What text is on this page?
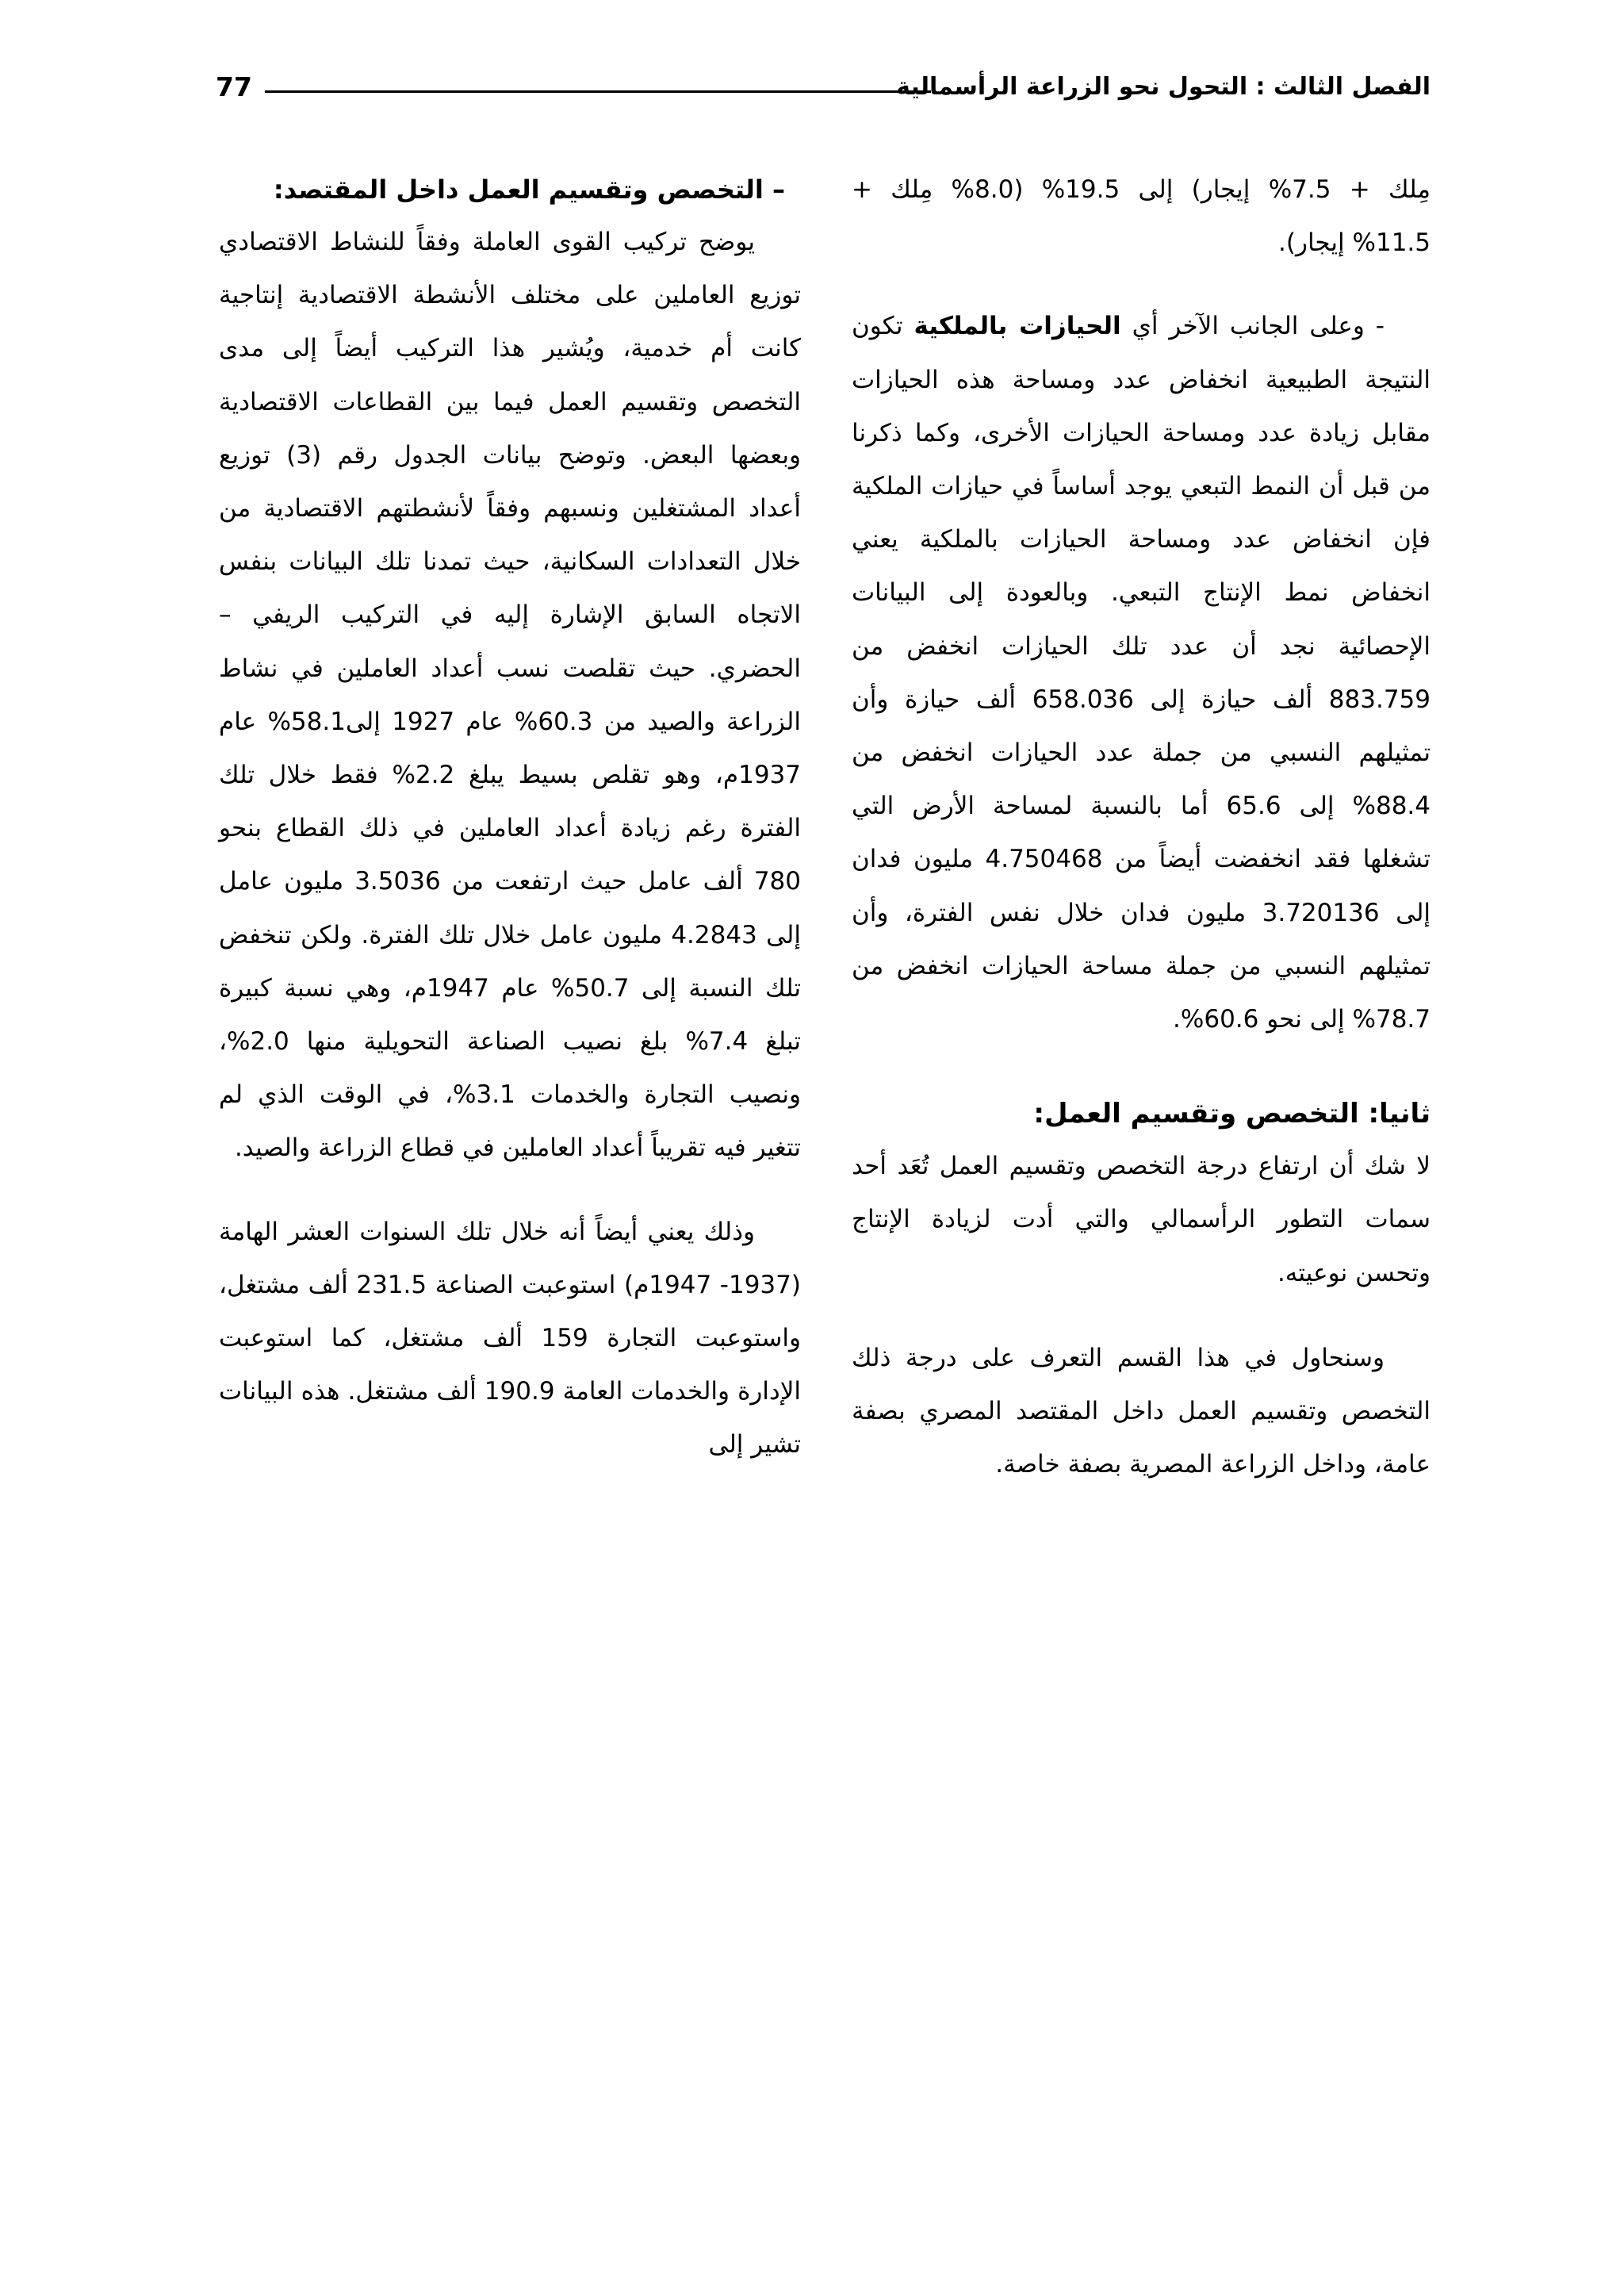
77	الفصل الثالث : التحول نحو الزراعة الرأسمالية

مِلك + 7.5% إيجار) إلى 19.5% (8.0% مِلك + 11.5% إيجار).

- وعلى الجانب الآخر أي الحيازات بالملكية تكون النتيجة الطبيعية انخفاض عدد ومساحة هذه الحيازات مقابل زيادة عدد ومساحة الحيازات الأخرى، وكما ذكرنا من قبل أن النمط التبعي يوجد أساساً في حيازات الملكية فإن انخفاض عدد ومساحة الحيازات بالملكية يعني انخفاض نمط الإنتاج التبعي. وبالعودة إلى البيانات الإحصائية نجد أن عدد تلك الحيازات انخفض من 883.759 ألف حيازة إلى 658.036 ألف حيازة وأن تمثيلهم النسبي من جملة عدد الحيازات انخفض من 88.4% إلى 65.6 أما بالنسبة لمساحة الأرض التي تشغلها فقد انخفضت أيضاً من 4.750468 مليون فدان إلى 3.720136 مليون فدان خلال نفس الفترة، وأن تمثيلهم النسبي من جملة مساحة الحيازات انخفض من 78.7% إلى نحو 60.6%.

ثانيا: التخصص وتقسيم العمل:

لا شك أن ارتفاع درجة التخصص وتقسيم العمل تُعَد أحد سمات التطور الرأسمالي والتي أدت لزيادة الإنتاج وتحسن نوعيته.

وسنحاول في هذا القسم التعرف على درجة ذلك التخصص وتقسيم العمل داخل المقتصد المصري بصفة عامة، وداخل الزراعة المصرية بصفة خاصة.

– التخصص وتقسيم العمل داخل المقتصد:

يوضح تركيب القوى العاملة وفقاً للنشاط الاقتصادي توزيع العاملين على مختلف الأنشطة الاقتصادية إنتاجية كانت أم خدمية، ويُشير هذا التركيب أيضاً إلى مدى التخصص وتقسيم العمل فيما بين القطاعات الاقتصادية وبعضها البعض. وتوضح بيانات الجدول رقم (3) توزيع أعداد المشتغلين ونسبهم وفقاً لأنشطتهم الاقتصادية من خلال التعدادات السكانية، حيث تمدنا تلك البيانات بنفس الاتجاه السابق الإشارة إليه في التركيب الريفي – الحضري. حيث تقلصت نسب أعداد العاملين في نشاط الزراعة والصيد من 60.3% عام 1927 إلى58.1% عام 1937م، وهو تقلص بسيط يبلغ 2.2% فقط خلال تلك الفترة رغم زيادة أعداد العاملين في ذلك القطاع بنحو 780 ألف عامل حيث ارتفعت من 3.5036 مليون عامل إلى 4.2843 مليون عامل خلال تلك الفترة. ولكن تنخفض تلك النسبة إلى 50.7% عام 1947م، وهي نسبة كبيرة تبلغ 7.4% بلغ نصيب الصناعة التحويلية منها 2.0%، ونصيب التجارة والخدمات 3.1%، في الوقت الذي لم تتغير فيه تقريباً أعداد العاملين في قطاع الزراعة والصيد.

وذلك يعني أيضاً أنه خلال تلك السنوات العشر الهامة (1937- 1947م) استوعبت الصناعة 231.5 ألف مشتغل، واستوعبت التجارة 159 ألف مشتغل، كما استوعبت الإدارة والخدمات العامة 190.9 ألف مشتغل. هذه البيانات تشير إلى
